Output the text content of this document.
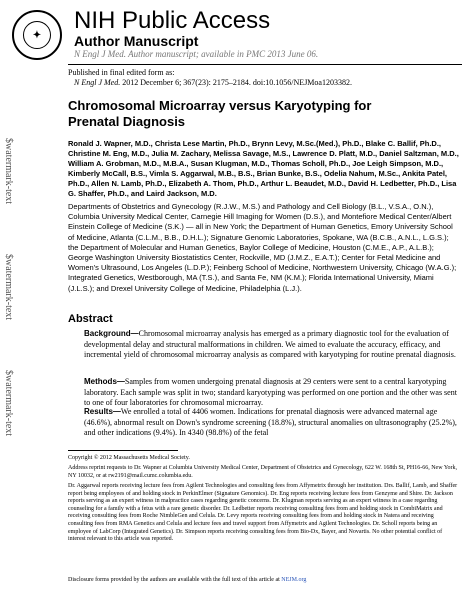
✦
NIH Public Access
Author Manuscript
N Engl J Med. Author manuscript; available in PMC 2013 June 06.
Published in final edited form as:
N Engl J Med. 2012 December 6; 367(23): 2175–2184. doi:10.1056/NEJMoa1203382.
$watermark-text
$watermark-text
$watermark-text
Chromosomal Microarray versus Karyotyping for Prenatal Diagnosis
Ronald J. Wapner, M.D., Christa Lese Martin, Ph.D., Brynn Levy, M.Sc.(Med.), Ph.D., Blake C. Ballif, Ph.D., Christine M. Eng, M.D., Julia M. Zachary, Melissa Savage, M.S., Lawrence D. Platt, M.D., Daniel Saltzman, M.D., William A. Grobman, M.D., M.B.A., Susan Klugman, M.D., Thomas Scholl, Ph.D., Joe Leigh Simpson, M.D., Kimberly McCall, B.S., Vimla S. Aggarwal, M.B., B.S., Brian Bunke, B.S., Odelia Nahum, M.Sc., Ankita Patel, Ph.D., Allen N. Lamb, Ph.D., Elizabeth A. Thom, Ph.D., Arthur L. Beaudet, M.D., David H. Ledbetter, Ph.D., Lisa G. Shaffer, Ph.D., and Laird Jackson, M.D.
Departments of Obstetrics and Gynecology (R.J.W., M.S.) and Pathology and Cell Biology (B.L., V.S.A., O.N.), Columbia University Medical Center, Carnegie Hill Imaging for Women (D.S.), and Montefiore Medical Center/Albert Einstein College of Medicine (S.K.) — all in New York; the Department of Human Genetics, Emory University School of Medicine, Atlanta (C.L.M., B.B., D.H.L.); Signature Genomic Laboratories, Spokane, WA (B.C.B., A.N.L., L.G.S.); the Department of Molecular and Human Genetics, Baylor College of Medicine, Houston (C.M.E., A.P., A.L.B.); George Washington University Biostatistics Center, Rockville, MD (J.M.Z., E.A.T.); Center for Fetal Medicine and Women's Ultrasound, Los Angeles (L.D.P.); Feinberg School of Medicine, Northwestern University, Chicago (W.A.G.); Integrated Genetics, Westborough, MA (T.S.), and Santa Fe, NM (K.M.); Florida International University, Miami (J.L.S.); and Drexel University College of Medicine, Philadelphia (L.J.).
Abstract
Background—Chromosomal microarray analysis has emerged as a primary diagnostic tool for the evaluation of developmental delay and structural malformations in children. We aimed to evaluate the accuracy, efficacy, and incremental yield of chromosomal microarray analysis as compared with karyotyping for routine prenatal diagnosis.
Methods—Samples from women undergoing prenatal diagnosis at 29 centers were sent to a central karyotyping laboratory. Each sample was split in two; standard karyotyping was performed on one portion and the other was sent to one of four laboratories for chromosomal microarray.
Results—We enrolled a total of 4406 women. Indications for prenatal diagnosis were advanced maternal age (46.6%), abnormal result on Down's syndrome screening (18.8%), structural anomalies on ultrasonography (25.2%), and other indications (9.4%). In 4340 (98.8%) of the fetal
Copyright © 2012 Massachusetts Medical Society.
Address reprint requests to Dr. Wapner at Columbia University Medical Center, Department of Obstetrics and Gynecology, 622 W. 168th St, PH16-66, New York, NY 10032, or at rw2191@mail.cumc.columbia.edu.
Dr. Aggarwal reports receiving lecture fees from Agilent Technologies and consulting fees from Affymetrix through her institution. Drs. Ballif, Lamb, and Shaffer report being employees of and holding stock in PerkinElmer (Signature Genomics). Dr. Eng reports receiving lecture fees from Genzyme and Shire. Dr. Jackson reports serving as an expert witness in malpractice cases regarding genetic concerns. Dr. Klugman reports serving as an expert witness in a case regarding counseling for a family with a fetus with a rare genetic disorder. Dr. Ledbetter reports receiving consulting fees from and holding stock in CombiMatrix and receiving consulting fees from Roche NimbleGen and Celula. Dr. Levy reports receiving consulting fees from and holding stock in Natera and receiving consulting fees from RMA Genetics and Celula and lecture fees and travel support from Affymetrix and Agilent Technologies. Dr. Scholl reports being an employee of LabCorp (Integrated Genetics). Dr. Simpson reports receiving consulting fees from Bio-Dx, Bayer, and Novartis. No other potential conflict of interest relevant to this article was reported.
Disclosure forms provided by the authors are available with the full text of this article at NEJM.org
